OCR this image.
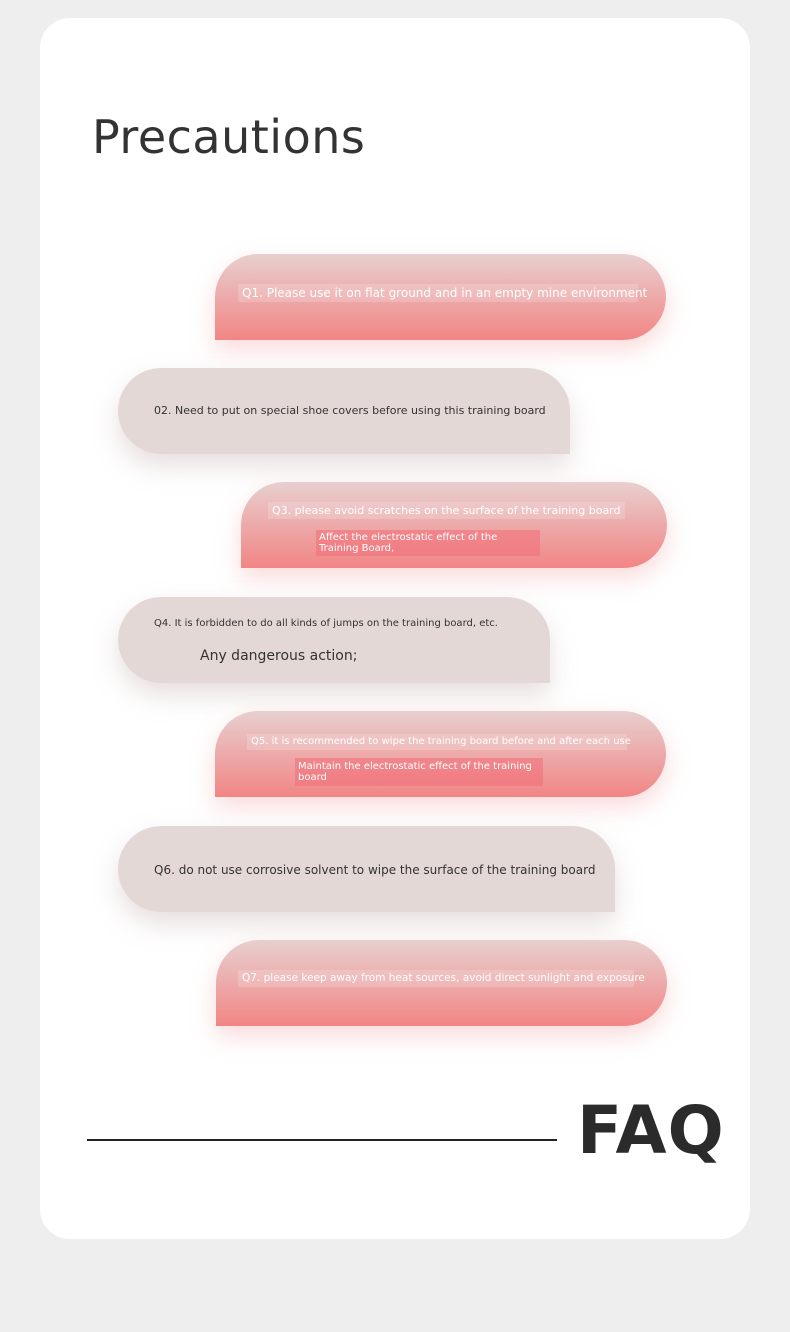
Precautions
Q1. Please use it on flat ground and in an empty mine environment
02. Need to put on special shoe covers before using this training board
Q3. please avoid scratches on the surface of the training board
Affect the electrostatic effect of the Training Board,
Q4. It is forbidden to do all kinds of jumps on the training board, etc.
Any dangerous action;
Q5. it is recommended to wipe the training board before and after each use
Maintain the electrostatic effect of the training board
Q6. do not use corrosive solvent to wipe the surface of the training board
Q7. please keep away from heat sources, avoid direct sunlight and exposure
FAQ
